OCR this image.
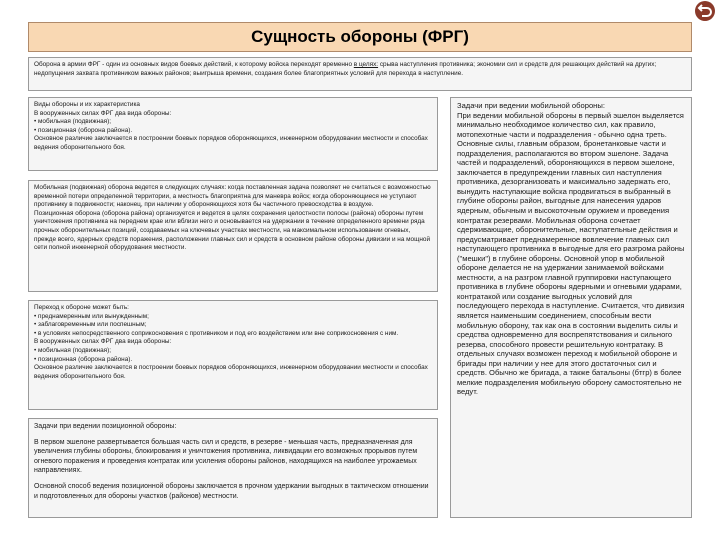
Сущность обороны (ФРГ)

Оборона в армии ФРГ - один из основных видов боевых действий, к которому войска переходят временно в целях: срыва наступления противника; экономии сил и средств для решающих действий на других; недопущения захвата противником важных районов; выигрыша времени, создания более благоприятных условий для перехода в наступление.

Виды обороны и их характеристика
В вооруженных силах ФРГ два вида обороны:
• мобильная (подвижная);
• позиционная (оборона района).
Основное различие заключается в построении боевых порядков обороняющихся, инженерном оборудовании местности и способах ведения оборонительного боя.

Мобильная (подвижная) оборона ведется в следующих случаях: когда поставленная задача позволяет не считаться с возможностью временной потери определенной территории, а местность благоприятна для маневра войск; когда обороняющиеся не уступают противнику в подвижности; наконец, при наличии у обороняющихся хотя бы частичного превосходства в воздухе.
Позиционная оборона (оборона района) организуется и ведется в целях сохранения целостности полосы (района) обороны путем уничтожения противника на переднем крае или вблизи него и основывается на удержании в течение определенного времени ряда прочных оборонительных позиций, создаваемых на ключевых участках местности, на максимальном использовании огневых, прежде всего, ядерных средств поражения, расположении главных сил и средств в основном районе обороны дивизии и на мощной сети полной инженерной оборудования местности.

Переход к обороне может быть:
• преднамеренным или вынужденным;
• заблаговременным или поспешным;
• в условиях непосредственного соприкосновения с противником и под его воздействием или вне соприкосновения с ним.
В вооруженных силах ФРГ два вида обороны:
• мобильная (подвижная);
• позиционная (оборона района).
Основное различие заключается в построении боевых порядков обороняющихся, инженерном оборудовании местности и способах ведения оборонительного боя.

Задачи при ведении позиционной обороны:

В первом эшелоне развертывается большая часть сил и средств, в резерве - меньшая часть, предназначенная для увеличения глубины обороны, блокирования и уничтожения противника, ликвидации его возможных прорывов путем огневого поражения и проведения контратак или усиления обороны районов, находящихся на наиболее угрожаемых направлениях.

Основной способ ведения позиционной обороны заключается в прочном удержании выгодных в тактическом отношении и подготовленных для обороны участков (районов) местности.

Задачи при ведении мобильной обороны:
При ведении мобильной обороны в первый эшелон выделяется минимально необходимое количество сил, как правило, мотопехотные части и подразделения - обычно одна треть. Основные силы, главным образом, бронетанковые части и подразделения, располагаются во втором эшелоне. Задача частей и подразделений, обороняющихся в первом эшелоне, заключается в предупреждении главных сил наступления противника, дезорганизовать и максимально задержать его, вынудить наступающие войска продвигаться в выбранный в глубине обороны район, выгодные для нанесения ударов ядерным, обычным и высокоточным оружием и проведения контратак резервами. Мобильная оборона сочетает сдерживающие, оборонительные, наступательные действия и предусматривает преднамеренное вовлечение главных сил наступающего противника в выгодные для его разгрома районы ("мешки") в глубине обороны. Основной упор в мобильной обороне делается не на удержании занимаемой войсками местности, а на разгром главной группировки наступающего противника в глубине обороны ядерными и огневыми ударами, контратакой или создание выгодных условий для последующего перехода в наступление. Считается, что дивизия является наименьшим соединением, способным вести мобильную оборону, так как она в состоянии выделить силы и средства одновременно для воспрепятствования и сильного резерва, способного провести решительную контратаку. В отдельных случаях возможен переход к мобильной обороне и бригады при наличии у нее для этого достаточных сил и средств. Обычно же бригада, а также батальоны (бтгр) в более мелкие подразделения мобильную оборону самостоятельно не ведут.
